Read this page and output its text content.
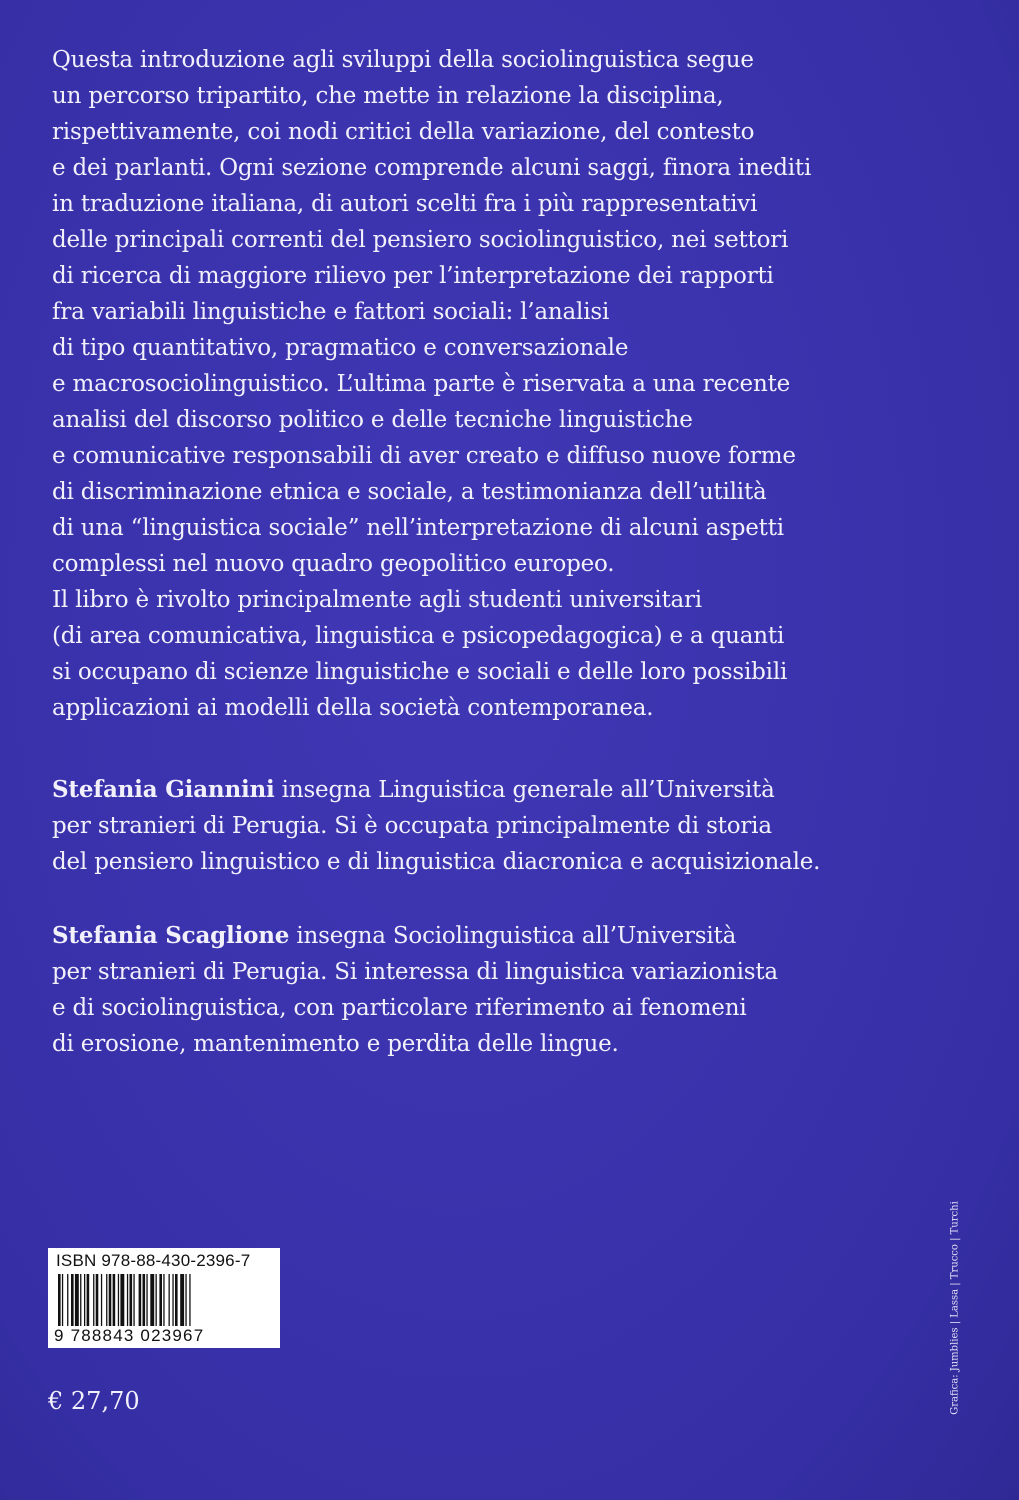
Questa introduzione agli sviluppi della sociolinguistica segue
un percorso tripartito, che mette in relazione la disciplina,
rispettivamente, coi nodi critici della variazione, del contesto
e dei parlanti. Ogni sezione comprende alcuni saggi, finora inediti
in traduzione italiana, di autori scelti fra i più rappresentativi
delle principali correnti del pensiero sociolinguistico, nei settori
di ricerca di maggiore rilievo per l’interpretazione dei rapporti
fra variabili linguistiche e fattori sociali: l’analisi
di tipo quantitativo, pragmatico e conversazionale
e macrosociolinguistico. L’ultima parte è riservata a una recente
analisi del discorso politico e delle tecniche linguistiche
e comunicative responsabili di aver creato e diffuso nuove forme
di discriminazione etnica e sociale, a testimonianza dell’utilità
di una “linguistica sociale” nell’interpretazione di alcuni aspetti
complessi nel nuovo quadro geopolitico europeo.
Il libro è rivolto principalmente agli studenti universitari
(di area comunicativa, linguistica e psicopedagogica) e a quanti
si occupano di scienze linguistiche e sociali e delle loro possibili
applicazioni ai modelli della società contemporanea.

Stefania Giannini insegna Linguistica generale all’Università
per stranieri di Perugia. Si è occupata principalmente di storia
del pensiero linguistico e di linguistica diacronica e acquisizionale.

Stefania Scaglione insegna Sociolinguistica all’Università
per stranieri di Perugia. Si interessa di linguistica variazionista
e di sociolinguistica, con particolare riferimento ai fenomeni
di erosione, mantenimento e perdita delle lingue.

ISBN 978-88-430-2396-7
9 788843 023967
€ 27,70	Grafica: Jumblies | Lassa | Trucco | Turchi
